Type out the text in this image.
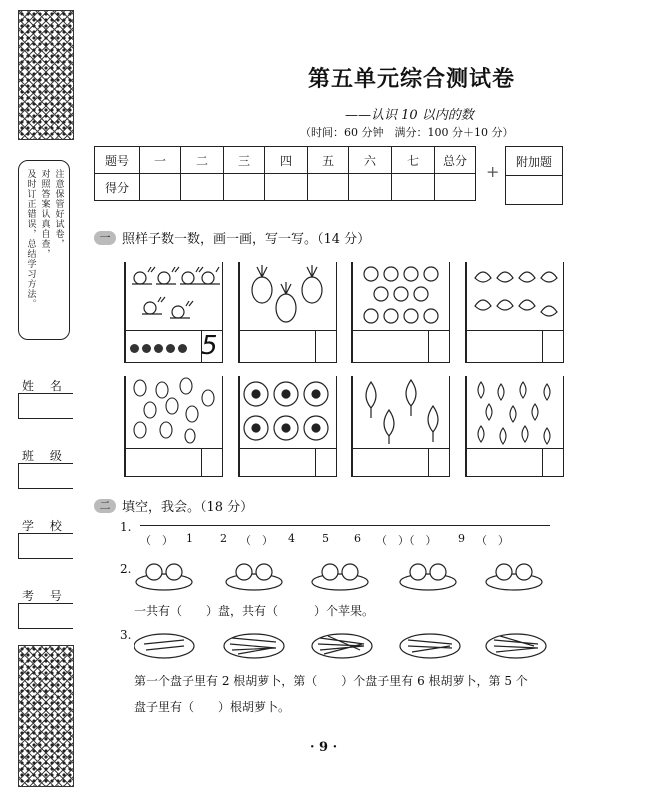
注意保管好试卷，
对照答案认真自查，
及时订正错误，总结学习方法。
姓 名
班 级
学 校
考 号
第五单元综合测试卷
——认识 10 以内的数
（时间：60 分钟　满分：100 分＋10 分）
题号	一	二	三	四	五	六	七	总分
得分								
+
附加题

一 照样子数一数，画一画，写一写。（14 分）
5
二 填空，我会。（18 分）
1.
（　） 1 2 （　） 4 5 6 （　）（　） 9 （　）
2.
一共有（　　）盘，共有（　　　）个苹果。
3.
第一个盘子里有 2 根胡萝卜，第（　　）个盘子里有 6 根胡萝卜，第 5 个
盘子里有（　　）根胡萝卜。
· 9 ·
